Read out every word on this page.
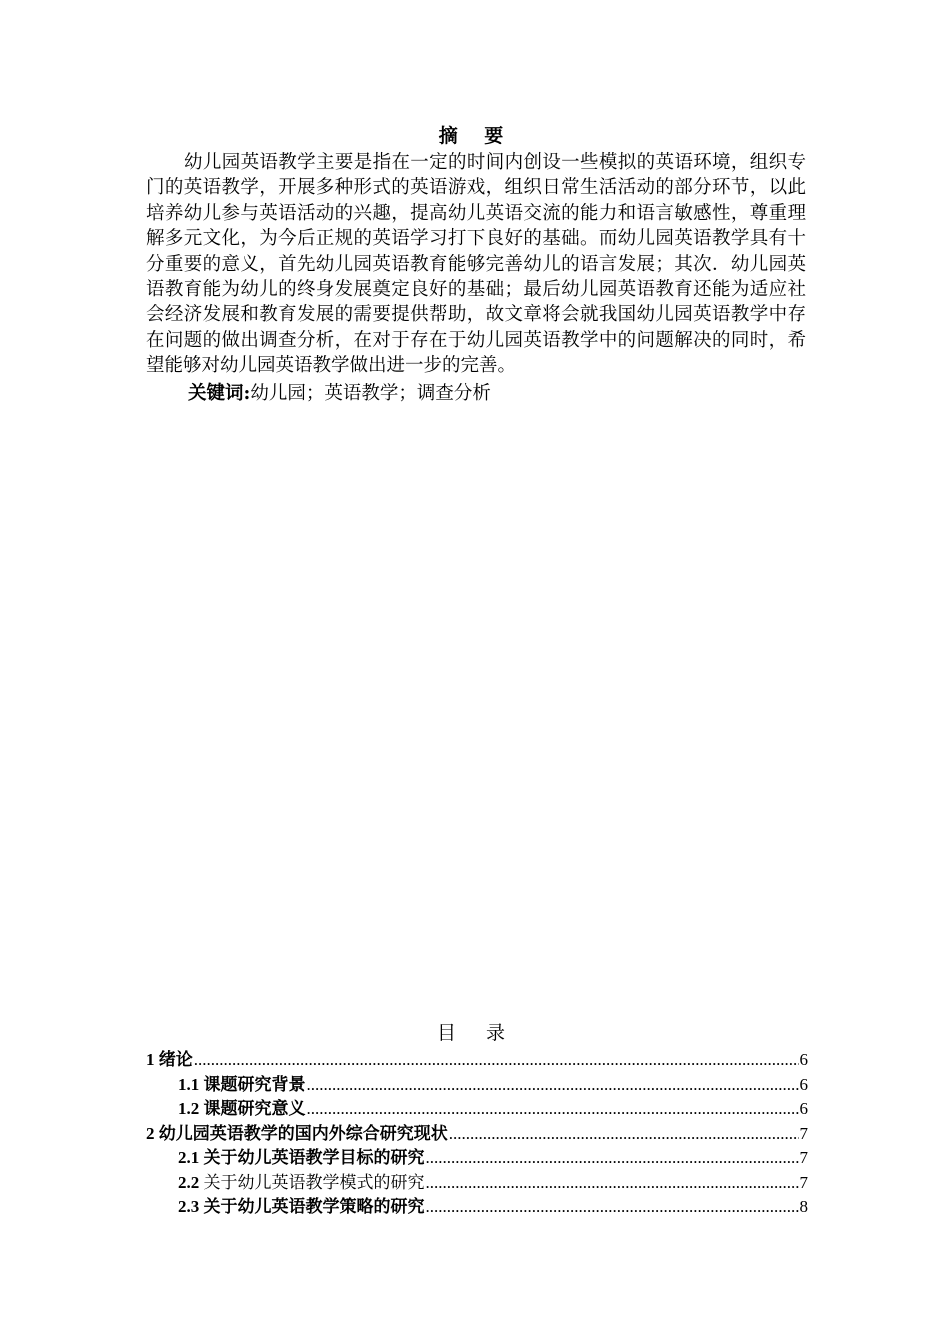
摘 要

幼儿园英语教学主要是指在一定的时间内创设一些模拟的英语环境，组织专门的英语教学，开展多种形式的英语游戏，组织日常生活活动的部分环节，以此培养幼儿参与英语活动的兴趣，提高幼儿英语交流的能力和语言敏感性，尊重理解多元文化，为今后正规的英语学习打下良好的基础。而幼儿园英语教学具有十分重要的意义，首先幼儿园英语教育能够完善幼儿的语言发展；其次．幼儿园英语教育能为幼儿的终身发展奠定良好的基础；最后幼儿园英语教育还能为适应社会经济发展和教育发展的需要提供帮助，故文章将会就我国幼儿园英语教学中存在问题的做出调查分析，在对于存在于幼儿园英语教学中的问题解决的同时，希望能够对幼儿园英语教学做出进一步的完善。

关键词:幼儿园；英语教学；调查分析
目 录
1 绪论 .....	6
1.1 课题研究背景 .....	6
1.2 课题研究意义 .....	6
2 幼儿园英语教学的国内外综合研究现状 .....	7
2.1 关于幼儿英语教学目标的研究 .....	7
2.2 关于幼儿英语教学模式的研究 .....	7
2.3 关于幼儿英语教学策略的研究 .....	8
